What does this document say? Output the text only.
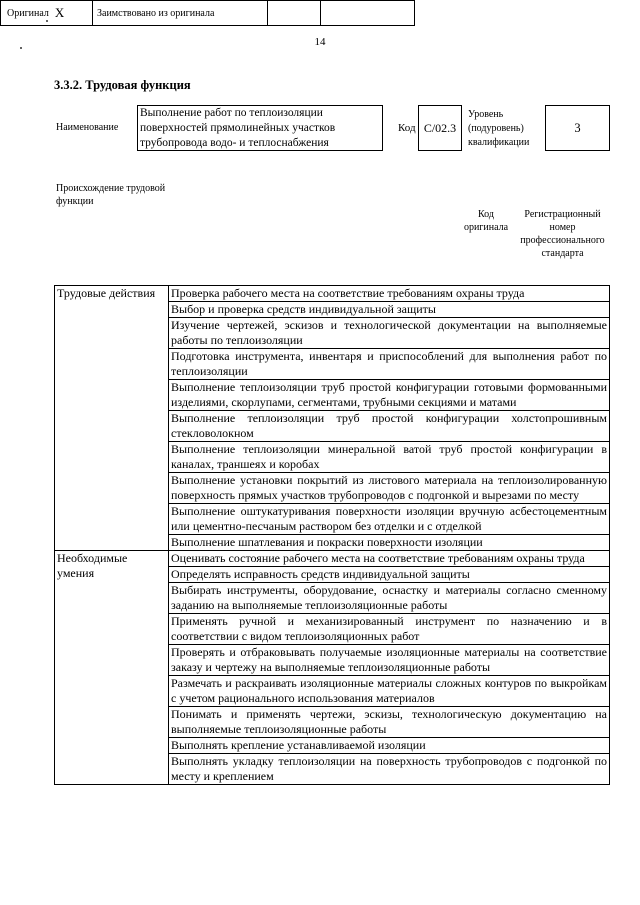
14
3.3.2. Трудовая функция
Наименование
Выполнение работ по теплоизоляции поверхностей прямолинейных участков трубопровода водо- и теплоснабжения
Код С/02.3
Уровень (подуровень) квалификации
3
Происхождение трудовой функции
Оригинал X	Заимствовано из оригинала
Код оригинала
Регистрационный номер профессионального стандарта
Трудовые действия	Проверка рабочего места на соответствие требованиям охраны труда
	Выбор и проверка средств индивидуальной защиты
	Изучение чертежей, эскизов и технологической документации на выполняемые работы по теплоизоляции
	Подготовка инструмента, инвентаря и приспособлений для выполнения работ по теплоизоляции
	Выполнение теплоизоляции труб простой конфигурации готовыми формованными изделиями, скорлупами, сегментами, трубными секциями и матами
	Выполнение теплоизоляции труб простой конфигурации холстопрошивным стекловолокном
	Выполнение теплоизоляции минеральной ватой труб простой конфигурации в каналах, траншеях и коробах
	Выполнение установки покрытий из листового материала на теплоизолированную поверхность прямых участков трубопроводов с подгонкой и вырезами по месту
	Выполнение оштукатуривания поверхности изоляции вручную асбестоцементным или цементно-песчаным раствором без отделки и с отделкой
	Выполнение шпатлевания и покраски поверхности изоляции
Необходимые умения	Оценивать состояние рабочего места на соответствие требованиям охраны труда
	Определять исправность средств индивидуальной защиты
	Выбирать инструменты, оборудование, оснастку и материалы согласно сменному заданию на выполняемые теплоизоляционные работы
	Применять ручной и механизированный инструмент по назначению и в соответствии с видом теплоизоляционных работ
	Проверять и отбраковывать получаемые изоляционные материалы на соответствие заказу и чертежу на выполняемые теплоизоляционные работы
	Размечать и раскраивать изоляционные материалы сложных контуров по выкройкам с учетом рационального использования материалов
	Понимать и применять чертежи, эскизы, технологическую документацию на выполняемые теплоизоляционные работы
	Выполнять крепление устанавливаемой изоляции
	Выполнять укладку теплоизоляции на поверхность трубопроводов с подгонкой по месту и креплением
